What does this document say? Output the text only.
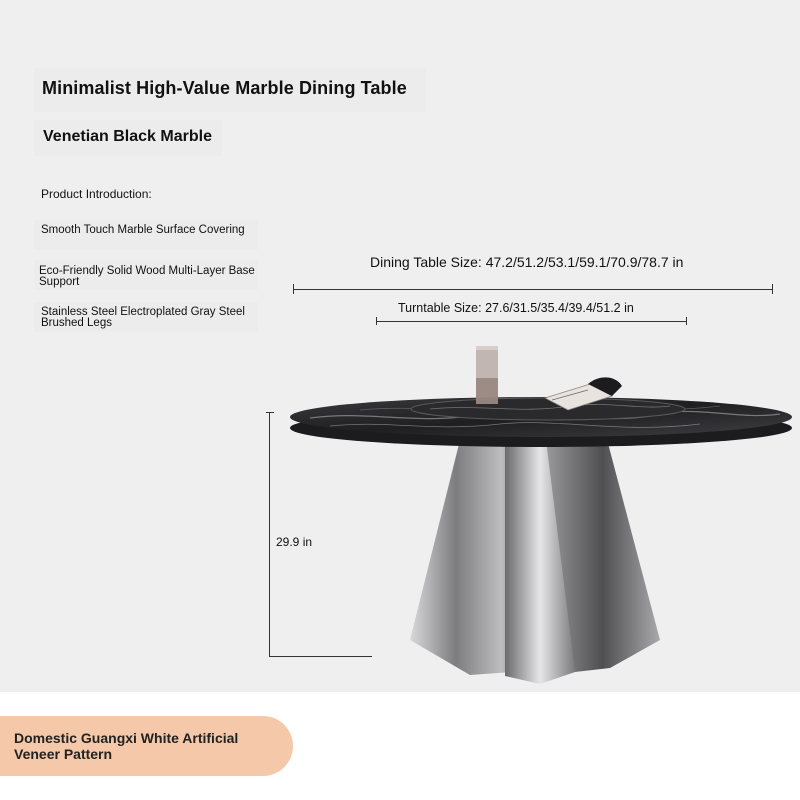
Minimalist High-Value Marble Dining Table
Venetian Black Marble
Product Introduction:
Smooth Touch Marble Surface Covering
Eco-Friendly Solid Wood Multi-Layer Base Support
Stainless Steel Electroplated Gray Steel Brushed Legs
Dining Table Size: 47.2/51.2/53.1/59.1/70.9/78.7 in
Turntable Size: 27.6/31.5/35.4/39.4/51.2 in
29.9 in
Domestic Guangxi White Artificial Veneer Pattern
